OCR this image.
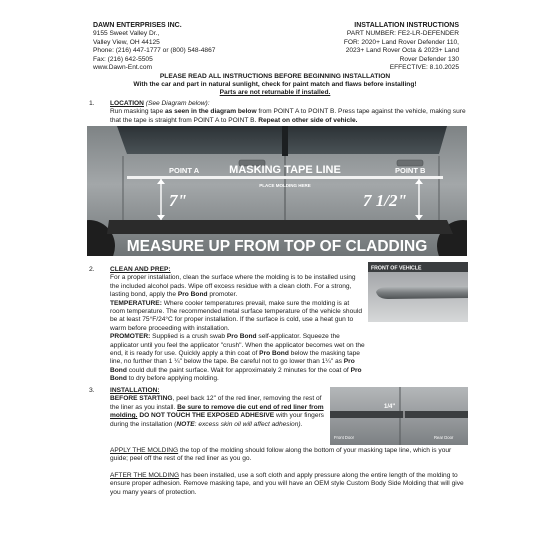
DAWN ENTERPRISES INC.
9155 Sweet Valley Dr.,
Valley View, OH 44125
Phone: (216) 447-1777 or (800) 548-4867
Fax: (216) 642-5505
www.Dawn-Ent.com
INSTALLATION INSTRUCTIONS
PART NUMBER: FE2-LR-DEFENDER
FOR: 2020+ Land Rover Defender 110,
2023+ Land Rover Octa & 2023+ Land
Rover Defender 130
EFFECTIVE: 8.10.2025
PLEASE READ ALL INSTRUCTIONS BEFORE BEGINNING INSTALLATION
With the car and part in natural sunlight, check for paint match and flaws before installing!
Parts are not returnable if installed.
1. LOCATION (See Diagram below):
Run masking tape as seen in the diagram below from POINT A to POINT B. Press tape against the vehicle, making sure that the tape is straight from POINT A to POINT B. Repeat on other side of vehicle.
POINT A	POINT B
MASKING TAPE LINE
PLACE MOLDING HERE
7"	7 1/2"
MEASURE UP FROM TOP OF CLADDING
2. CLEAN AND PREP:
For a proper installation, clean the surface where the molding is to be installed using the included alcohol pads. Wipe off excess residue with a clean cloth. For a strong, lasting bond, apply the Pro Bond promoter.
TEMPERATURE: Where cooler temperatures prevail, make sure the molding is at room temperature. The recommended metal surface temperature of the vehicle should be at least 75°F/24°C for proper installation. If the surface is cold, use a heat gun to warm before proceeding with installation.
PROMOTER: Supplied is a crush swab Pro Bond self-applicator. Squeeze the applicator until you feel the applicator "crush". When the applicator becomes wet on the end, it is ready for use. Quickly apply a thin coat of Pro Bond below the masking tape line, no further than 1 ¼" below the tape. Be careful not to go lower than 1¼" as Pro Bond could dull the paint surface. Wait for approximately 2 minutes for the coat of Pro Bond to dry before applying molding.
FRONT OF VEHICLE
3. INSTALLATION:
BEFORE STARTING, peel back 12" of the red liner, removing the rest of the liner as you install. Be sure to remove die cut end of red liner from molding. DO NOT TOUCH THE EXPOSED ADHESIVE with your fingers during the installation (NOTE: excess skin oil will affect adhesion).
1/4"
Front Door	Rear Door
APPLY THE MOLDING the top of the molding should follow along the bottom of your masking tape line, which is your guide; peel off the rest of the red liner as you go.
AFTER THE MOLDING has been installed, use a soft cloth and apply pressure along the entire length of the molding to ensure proper adhesion. Remove masking tape, and you will have an OEM style Custom Body Side Molding that will give you many years of protection.
